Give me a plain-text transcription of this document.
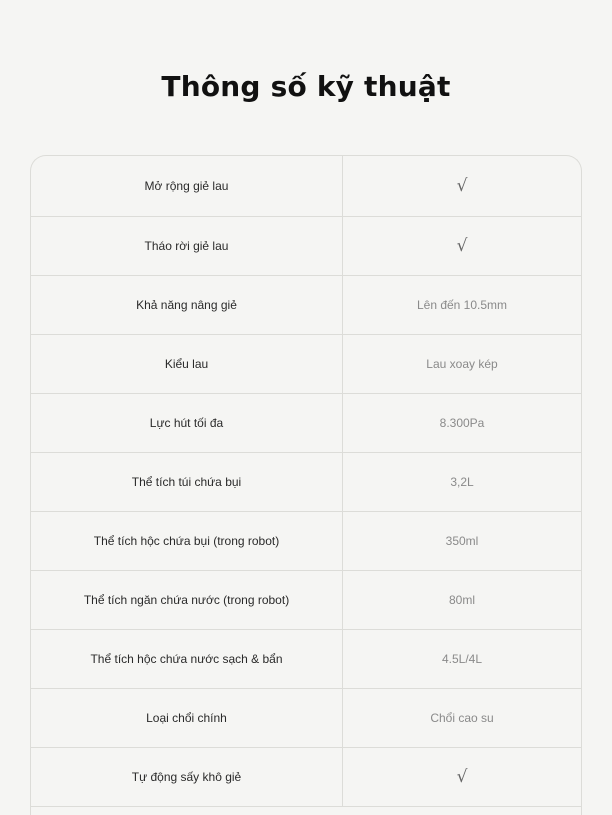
Thông số kỹ thuật
Mở rộng giẻ lau	√
Tháo rời giẻ lau	√
Khả năng nâng giẻ	Lên đến 10.5mm
Kiểu lau	Lau xoay kép
Lực hút tối đa	8.300Pa
Thể tích túi chứa bụi	3,2L
Thể tích hộc chứa bụi (trong robot)	350ml
Thể tích ngăn chứa nước (trong robot)	80ml
Thể tích hộc chứa nước sạch & bẩn	4.5L/4L
Loại chổi chính	Chổi cao su
Tự động sấy khô giẻ	√
